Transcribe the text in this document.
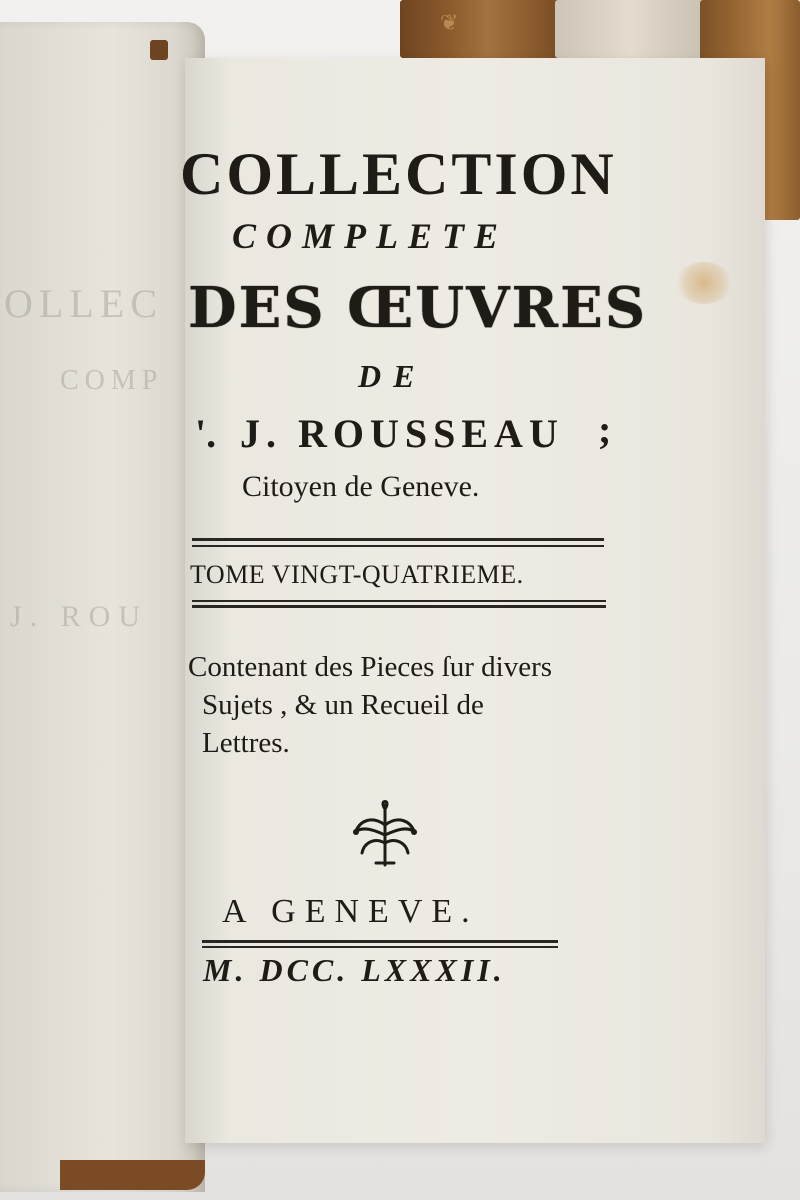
❦
OLLEC
COMP
J. ROU
COLLECTION
COMPLETE
DES ŒUVRES
DE
'. J. ROUSSEAU ;
Citoyen de Geneve.
TOME VINGT-QUATRIEME.
Contenant des Pieces ſur divers
Sujets , & un Recueil de
Lettres.
A GENEVE.
M. DCC. LXXXII.
